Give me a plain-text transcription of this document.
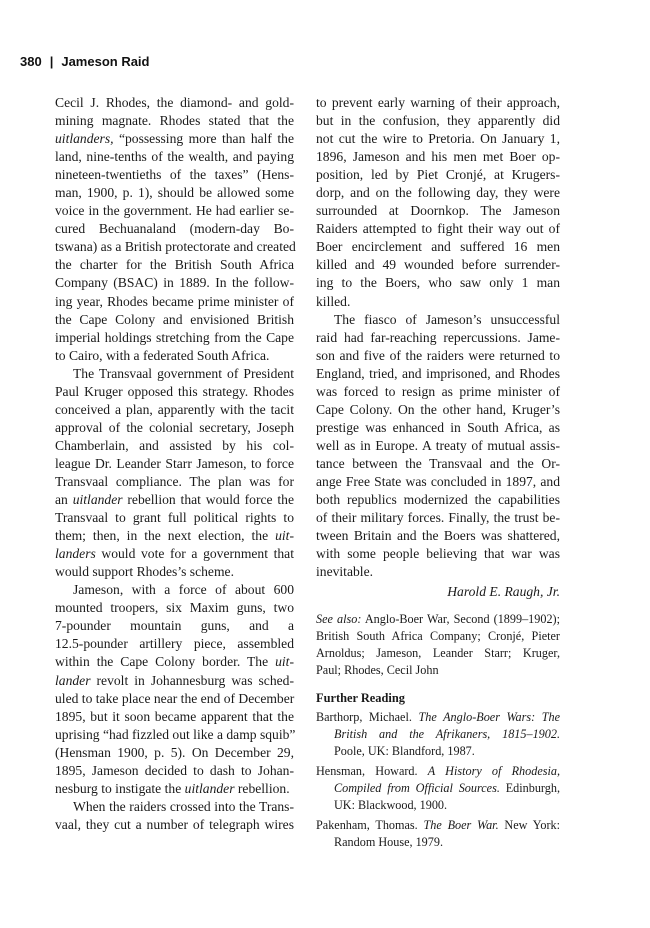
380 | Jameson Raid
Cecil J. Rhodes, the diamond- and gold-
mining magnate. Rhodes stated that the
uitlanders, “possessing more than half the
land, nine-tenths of the wealth, and paying
nineteen-twentieths of the taxes” (Hens-
man, 1900, p. 1), should be allowed some
voice in the government. He had earlier se-
cured Bechuanaland (modern-day Bo-
tswana) as a British protectorate and created
the charter for the British South Africa
Company (BSAC) in 1889. In the follow-
ing year, Rhodes became prime minister of
the Cape Colony and envisioned British
imperial holdings stretching from the Cape
to Cairo, with a federated South Africa.
The Transvaal government of President
Paul Kruger opposed this strategy. Rhodes
conceived a plan, apparently with the tacit
approval of the colonial secretary, Joseph
Chamberlain, and assisted by his col-
league Dr. Leander Starr Jameson, to force
Transvaal compliance. The plan was for
an uitlander rebellion that would force the
Transvaal to grant full political rights to
them; then, in the next election, the uit-
landers would vote for a government that
would support Rhodes’s scheme.
Jameson, with a force of about 600
mounted troopers, six Maxim guns, two
7-pounder mountain guns, and a
12.5-pounder artillery piece, assembled
within the Cape Colony border. The uit-
lander revolt in Johannesburg was sched-
uled to take place near the end of December
1895, but it soon became apparent that the
uprising “had fizzled out like a damp squib”
(Hensman 1900, p. 5). On December 29,
1895, Jameson decided to dash to Johan-
nesburg to instigate the uitlander rebellion.
When the raiders crossed into the Trans-
vaal, they cut a number of telegraph wires
to prevent early warning of their approach,
but in the confusion, they apparently did
not cut the wire to Pretoria. On January 1,
1896, Jameson and his men met Boer op-
position, led by Piet Cronjé, at Krugers-
dorp, and on the following day, they were
surrounded at Doornkop. The Jameson
Raiders attempted to fight their way out of
Boer encirclement and suffered 16 men
killed and 49 wounded before surrender-
ing to the Boers, who saw only 1 man
killed.
The fiasco of Jameson’s unsuccessful
raid had far-reaching repercussions. Jame-
son and five of the raiders were returned to
England, tried, and imprisoned, and Rhodes
was forced to resign as prime minister of
Cape Colony. On the other hand, Kruger’s
prestige was enhanced in South Africa, as
well as in Europe. A treaty of mutual assis-
tance between the Transvaal and the Or-
ange Free State was concluded in 1897, and
both republics modernized the capabilities
of their military forces. Finally, the trust be-
tween Britain and the Boers was shattered,
with some people believing that war was
inevitable.
Harold E. Raugh, Jr.
See also: Anglo-Boer War, Second (1899–1902);
British South Africa Company; Cronjé, Pieter
Arnoldus; Jameson, Leander Starr; Kruger,
Paul; Rhodes, Cecil John
Further Reading
Barthorp, Michael. The Anglo-Boer Wars: The
British and the Afrikaners, 1815–1902.
Poole, UK: Blandford, 1987.
Hensman, Howard. A History of Rhodesia,
Compiled from Official Sources. Edinburgh,
UK: Blackwood, 1900.
Pakenham, Thomas. The Boer War. New York:
Random House, 1979.
